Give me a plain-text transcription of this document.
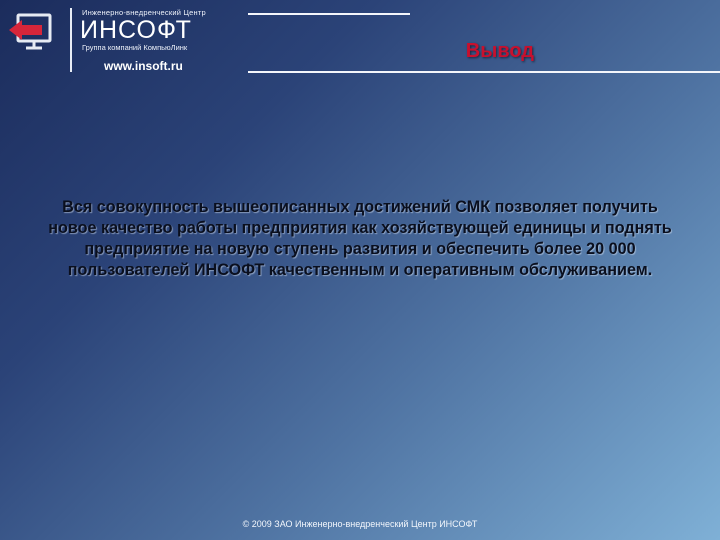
Инженерно-внедренческий Центр
ИНСОФТ
Группа компаний КомпьюЛинк
www.insoft.ru
Вывод
Вся совокупность вышеописанных достижений СМК позволяет получить новое качество работы предприятия как хозяйствующей единицы и поднять предприятие на новую ступень развития и обеспечить более 20 000 пользователей ИНСОФТ качественным и оперативным обслуживанием.
© 2009 ЗАО Инженерно-внедренческий Центр ИНСОФТ
